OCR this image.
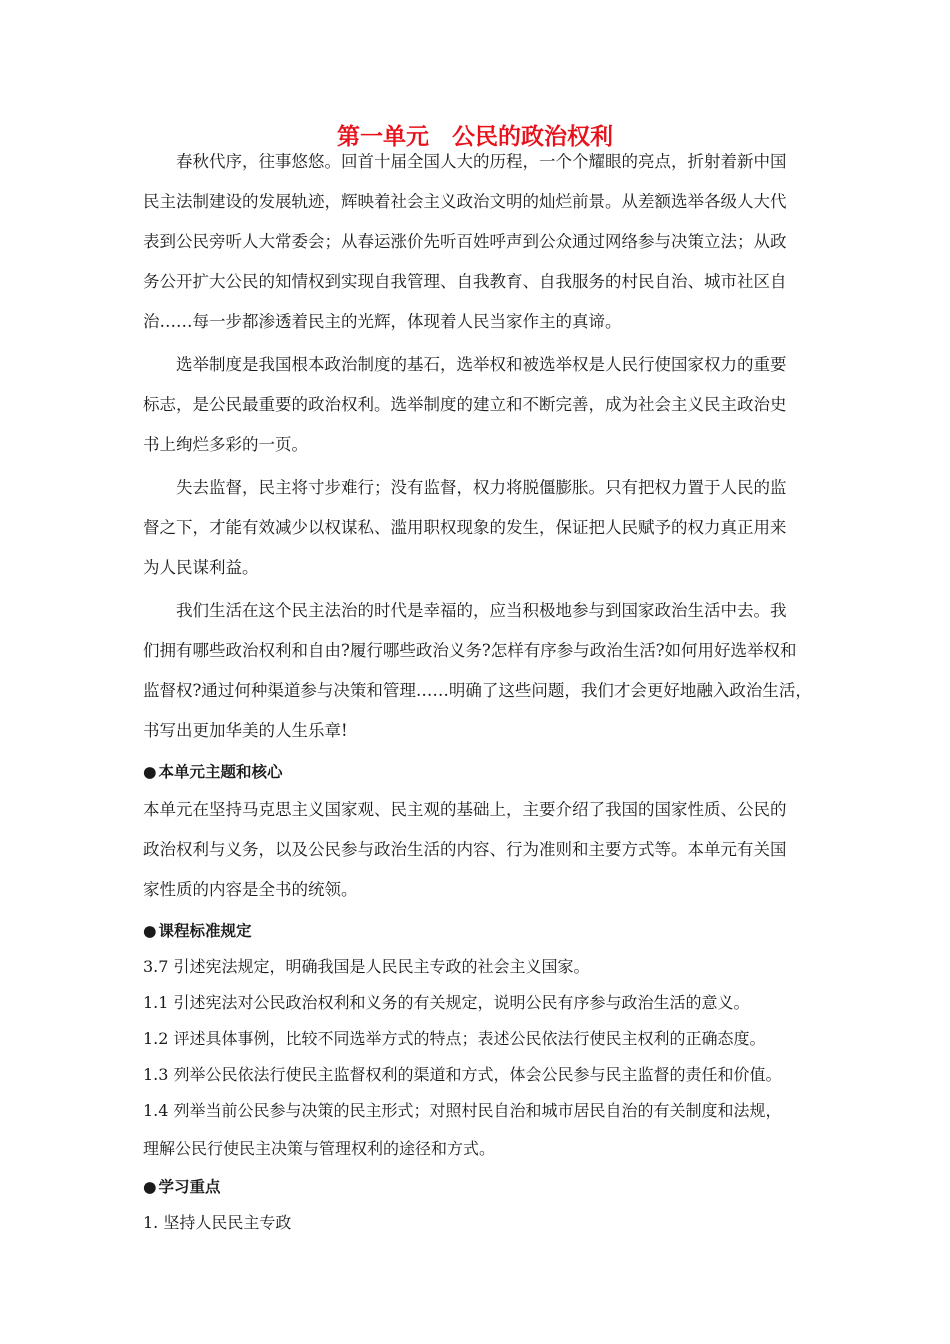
第一单元　公民的政治权利
春秋代序，往事悠悠。回首十届全国人大的历程，一个个耀眼的亮点，折射着新中国
民主法制建设的发展轨迹，辉映着社会主义政治文明的灿烂前景。从差额选举各级人大代
表到公民旁听人大常委会；从春运涨价先听百姓呼声到公众通过网络参与决策立法；从政
务公开扩大公民的知情权到实现自我管理、自我教育、自我服务的村民自治、城市社区自
治……每一步都渗透着民主的光辉，体现着人民当家作主的真谛。
选举制度是我国根本政治制度的基石，选举权和被选举权是人民行使国家权力的重要
标志，是公民最重要的政治权利。选举制度的建立和不断完善，成为社会主义民主政治史
书上绚烂多彩的一页。
失去监督，民主将寸步难行；没有监督，权力将脱僵膨胀。只有把权力置于人民的监
督之下，才能有效减少以权谋私、滥用职权现象的发生，保证把人民赋予的权力真正用来
为人民谋利益。
我们生活在这个民主法治的时代是幸福的，应当积极地参与到国家政治生活中去。我
们拥有哪些政治权利和自由?履行哪些政治义务?怎样有序参与政治生活?如何用好选举权和
监督权?通过何种渠道参与决策和管理……明确了这些问题，我们才会更好地融入政治生活，
书写出更加华美的人生乐章!
● 本单元主题和核心
本单元在坚持马克思主义国家观、民主观的基础上，主要介绍了我国的国家性质、公民的
政治权利与义务，以及公民参与政治生活的内容、行为准则和主要方式等。本单元有关国
家性质的内容是全书的统领。
● 课程标准规定
3.7 引述宪法规定，明确我国是人民民主专政的社会主义国家。
1.1 引述宪法对公民政治权利和义务的有关规定，说明公民有序参与政治生活的意义。
1.2 评述具体事例，比较不同选举方式的特点；表述公民依法行使民主权利的正确态度。
1.3 列举公民依法行使民主监督权利的渠道和方式，体会公民参与民主监督的责任和价值。
1.4 列举当前公民参与决策的民主形式；对照村民自治和城市居民自治的有关制度和法规，
理解公民行使民主决策与管理权利的途径和方式。
● 学习重点
1. 坚持人民民主专政
